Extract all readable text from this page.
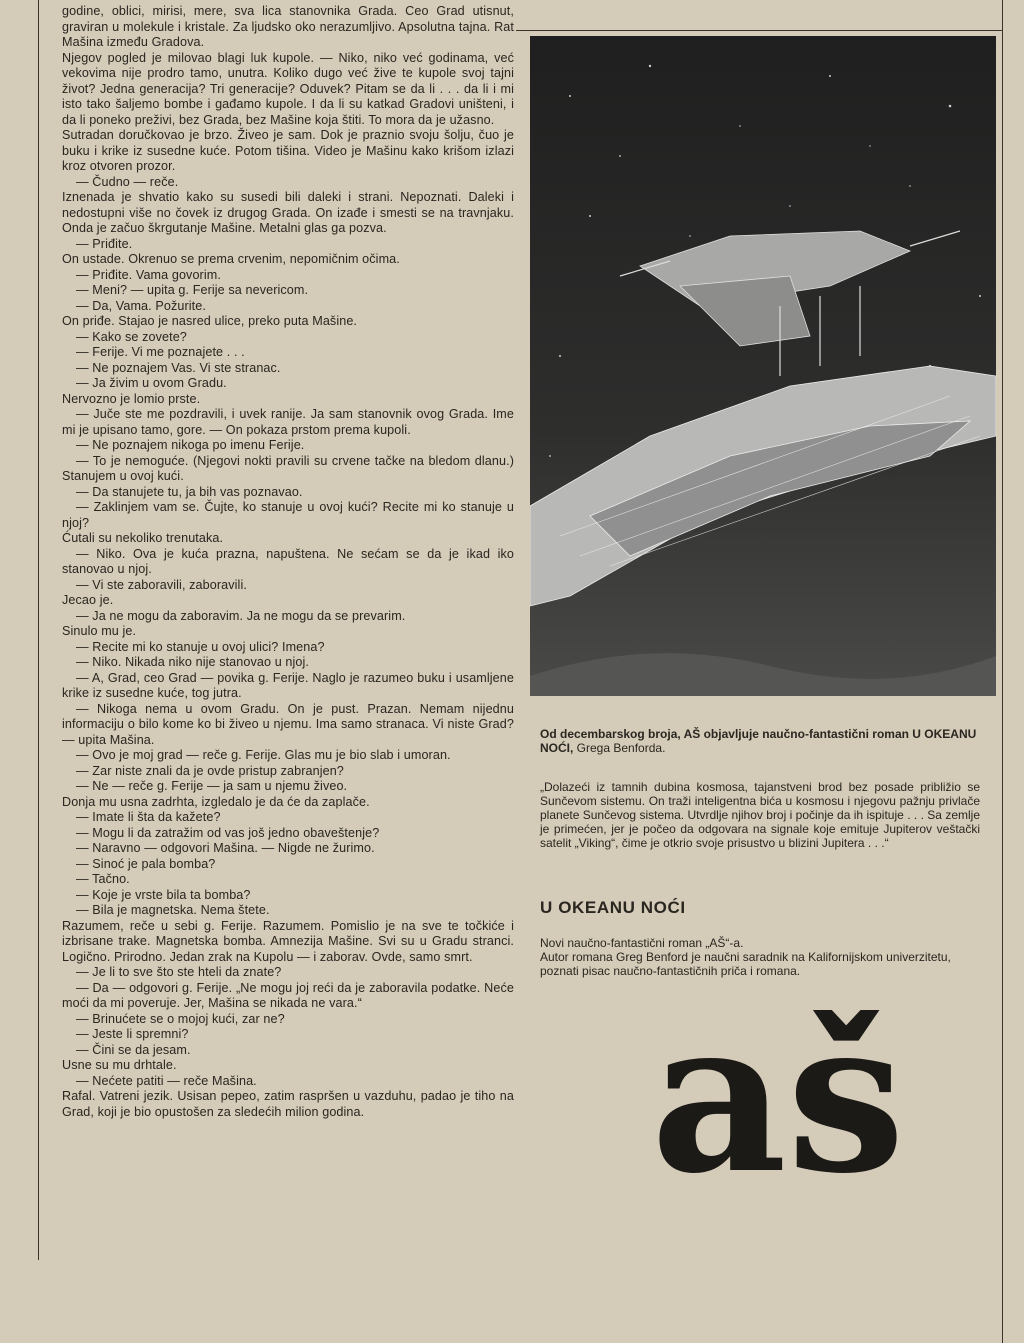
godine, oblici, mirisi, mere, sva lica stanovnika Grada. Ceo Grad utisnut, graviran u molekule i kristale. Za ljudsko oko nerazumljivo. Apsolutna tajna. Rat Mašina između Gradova.

Njegov pogled je milovao blagi luk kupole. — Niko, niko već godinama, već vekovima nije prodro tamo, unutra. Koliko dugo već žive te kupole svoj tajni život? Jedna generacija? Tri generacije? Oduvek? Pitam se da li . . . da li i mi isto tako šaljemo bombe i gađamo kupole. I da li su katkad Gradovi uništeni, i da li poneko preživi, bez Grada, bez Mašine koja štiti. To mora da je užasno.

Sutradan doručkovao je brzo. Živeo je sam. Dok je praznio svoju šolju, čuo je buku i krike iz susedne kuće. Potom tišina. Video je Mašinu kako krišom izlazi kroz otvoren prozor.

— Čudno — reče.

Iznenada je shvatio kako su susedi bili daleki i strani. Nepoznati. Daleki i nedostupni više no čovek iz drugog Grada. On izađe i smesti se na travnjaku. Onda je začuo škrgutanje Mašine. Metalni glas ga pozva.

— Priđite.

On ustade. Okrenuo se prema crvenim, nepomičnim očima.

— Priđite. Vama govorim.

— Meni? — upita g. Ferije sa nevericom.

— Da, Vama. Požurite.

On priđe. Stajao je nasred ulice, preko puta Mašine.

— Kako se zovete?

— Ferije. Vi me poznajete . . .

— Ne poznajem Vas. Vi ste stranac.

— Ja živim u ovom Gradu.

Nervozno je lomio prste.

— Juče ste me pozdravili, i uvek ranije. Ja sam stanovnik ovog Grada. Ime mi je upisano tamo, gore. — On pokaza prstom prema kupoli.

— Ne poznajem nikoga po imenu Ferije.

— To je nemoguće. (Njegovi nokti pravili su crvene tačke na bledom dlanu.) Stanujem u ovoj kući.

— Da stanujete tu, ja bih vas poznavao.

— Zaklinjem vam se. Čujte, ko stanuje u ovoj kući? Recite mi ko stanuje u njoj?

Ćutali su nekoliko trenutaka.

— Niko. Ova je kuća prazna, napuštena. Ne sećam se da je ikad iko stanovao u njoj.

— Vi ste zaboravili, zaboravili.

Jecao je.

— Ja ne mogu da zaboravim. Ja ne mogu da se prevarim.

Sinulo mu je.

— Recite mi ko stanuje u ovoj ulici? Imena?

— Niko. Nikada niko nije stanovao u njoj.

— A, Grad, ceo Grad — povika g. Ferije. Naglo je razumeo buku i usamljene krike iz susedne kuće, tog jutra.

— Nikoga nema u ovom Gradu. On je pust. Prazan. Nemam nijednu informaciju o bilo kome ko bi živeo u njemu. Ima samo stranaca. Vi niste Grad? — upita Mašina.

— Ovo je moj grad — reče g. Ferije. Glas mu je bio slab i umoran.

— Zar niste znali da je ovde pristup zabranjen?

— Ne — reče g. Ferije — ja sam u njemu živeo.

Donja mu usna zadrhta, izgledalo je da će da zaplače.

— Imate li šta da kažete?

— Mogu li da zatražim od vas još jedno obaveštenje?

— Naravno — odgovori Mašina. — Nigde ne žurimo.

— Sinoć je pala bomba?

— Tačno.

— Koje je vrste bila ta bomba?

— Bila je magnetska. Nema štete.

Razumem, reče u sebi g. Ferije. Razumem. Pomislio je na sve te točkiće i izbrisane trake. Magnetska bomba. Amnezija Mašine. Svi su u Gradu stranci. Logično. Prirodno. Jedan zrak na Kupolu — i zaborav. Ovde, samo smrt.

— Je li to sve što ste hteli da znate?

— Da — odgovori g. Ferije. „Ne mogu joj reći da je zaboravila podatke. Neće moći da mi poveruje. Jer, Mašina se nikada ne vara.“

— Brinućete se o mojoj kući, zar ne?

— Jeste li spremni?

— Čini se da jesam.

Usne su mu drhtale.

— Nećete patiti — reče Mašina.

Rafal. Vatreni jezik. Usisan pepeo, zatim raspršen u vazduhu, padao je tiho na Grad, koji je bio opustošen za sledećih milion godina.

Od decembarskog broja, AŠ objavljuje naučno-fantastični roman U OKEANU NOĆI, Grega Benforda.
„Dolazeći iz tamnih dubina kosmosa, tajanstveni brod bez posade približio se Sunčevom sistemu. On traži inteligentna bića u kosmosu i njegovu pažnju privlače planete Sunčevog sistema. Utvrdlje njihov broj i počinje da ih ispituje . . . Sa zemlje je primećen, jer je počeo da odgovara na signale koje emituje Jupiterov veštački satelit „Viking“, čime je otkrio svoje prisustvo u blizini Jupitera . . .“
U OKEANU NOĆI
Novi naučno-fantastični roman „AŠ“-a.
Autor romana Greg Benford je naučni saradnik na Kalifornijskom univerzitetu, poznati pisac naučno-fantastičnih priča i romana.
aš
